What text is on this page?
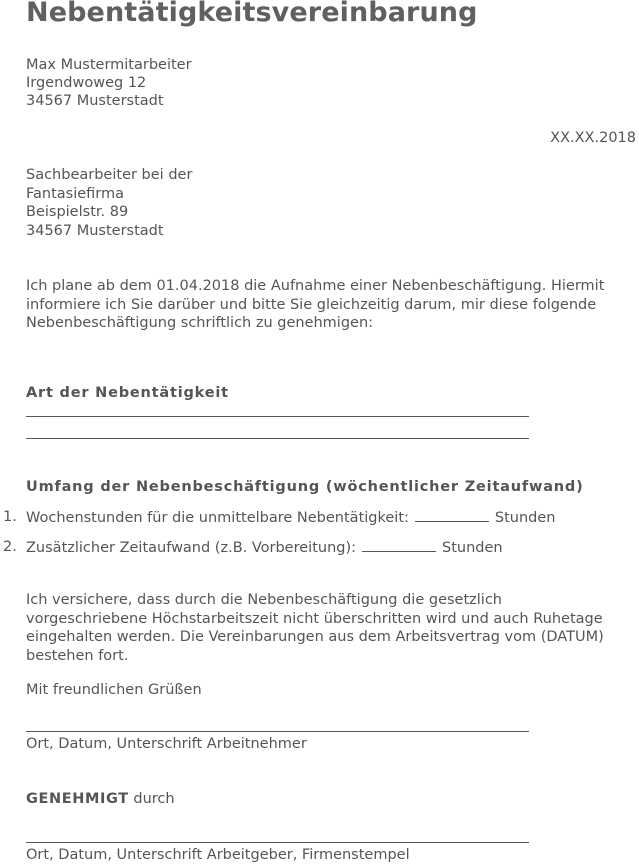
Nebentätigkeitsvereinbarung

Max Mustermitarbeiter

Irgendwoweg 12

34567 Musterstadt

XX.XX.2018

Sachbearbeiter bei der

Fantasiefirma

Beispielstr. 89

34567 Musterstadt

Ich plane ab dem 01.04.2018 die Aufnahme einer Nebenbeschäftigung. Hiermit

informiere ich Sie darüber und bitte Sie gleichzeitig darum, mir diese folgende

Nebenbeschäftigung schriftlich zu genehmigen:

Art der Nebentätigkeit

Umfang der Nebenbeschäftigung (wöchentlicher Zeitaufwand)

1. Wochenstunden für die unmittelbare Nebentätigkeit:	Stunden

2. Zusätzlicher Zeitaufwand (z.B. Vorbereitung):	Stunden

Ich versichere, dass durch die Nebenbeschäftigung die gesetzlich

vorgeschriebene Höchstarbeitszeit nicht überschritten wird und auch Ruhetage

eingehalten werden. Die Vereinbarungen aus dem Arbeitsvertrag vom (DATUM)

bestehen fort.

Mit freundlichen Grüßen

Ort, Datum, Unterschrift Arbeitnehmer

GENEHMIGT durch

Ort, Datum, Unterschrift Arbeitgeber, Firmenstempel
